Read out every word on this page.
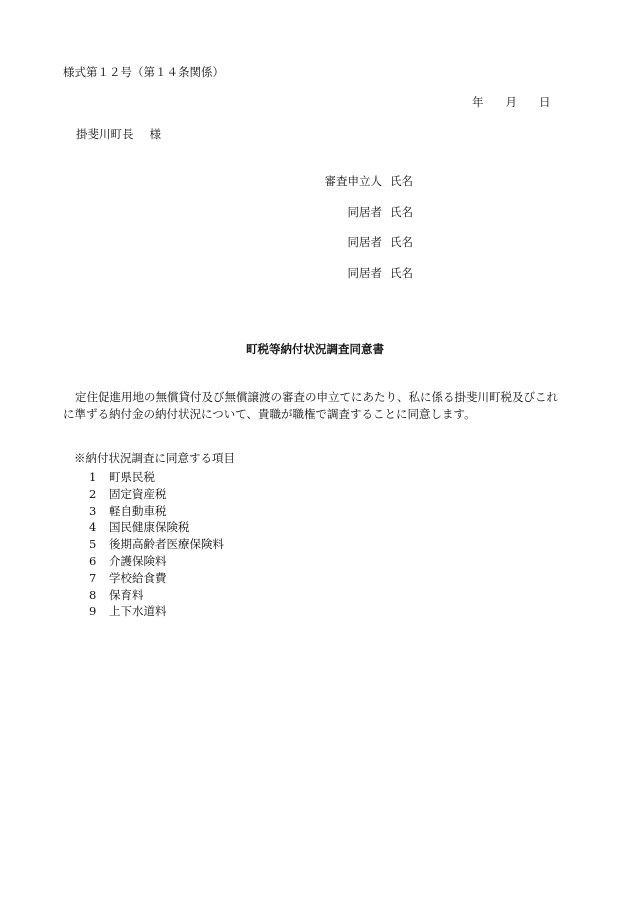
様式第１２号（第１４条関係）
年 月 日
掛斐川町長 様
審査申立人 氏名
同居者 氏名
同居者 氏名
同居者 氏名
町税等納付状況調査同意書
定住促進用地の無償貸付及び無償譲渡の審査の申立てにあたり、私に係る掛斐川町税及びこれ
に準ずる納付金の納付状況について、貴職が職権で調査することに同意します。
※納付状況調査に同意する項目
1 町県民税
2 固定資産税
3 軽自動車税
4 国民健康保険税
5 後期高齢者医療保険料
6 介護保険料
7 学校給食費
8 保育料
9 上下水道料
